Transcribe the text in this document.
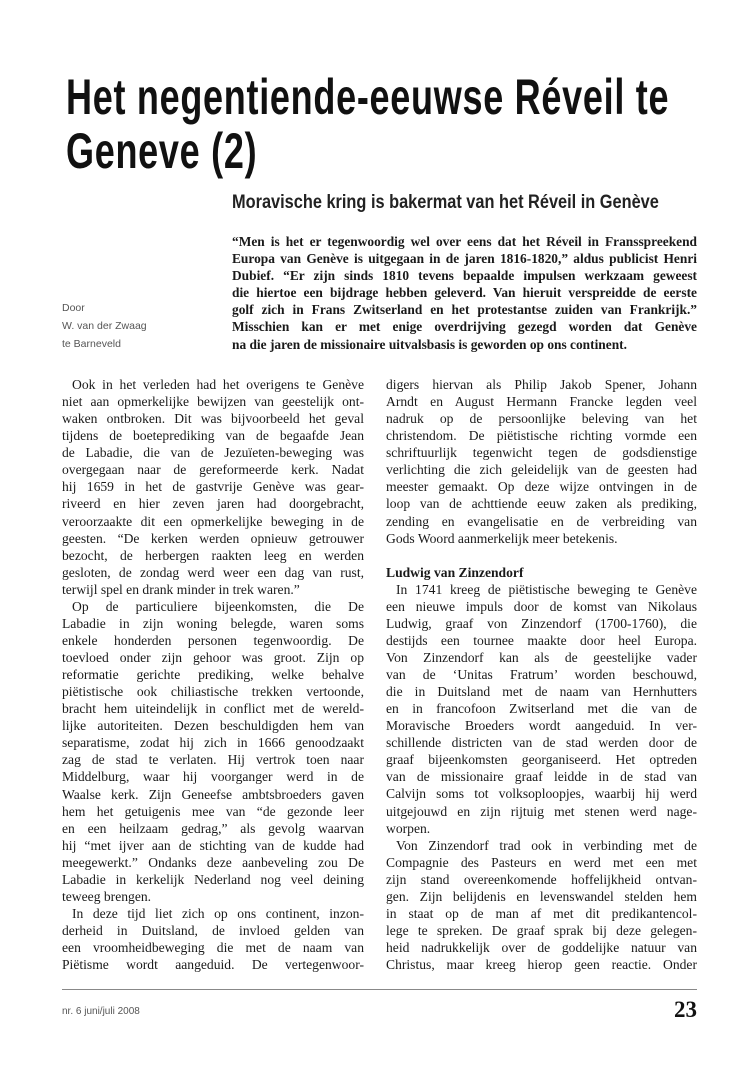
Het negentiende-eeuwse Réveil te
Geneve (2)
Moravische kring is bakermat van het Réveil in Genève
“Men is het er tegenwoordig wel over eens dat het Réveil in Fransspreekend
Europa van Genève is uitgegaan in de jaren 1816-1820,” aldus publicist Henri
Dubief. “Er zijn sinds 1810 tevens bepaalde impulsen werkzaam geweest
die hiertoe een bijdrage hebben geleverd. Van hieruit verspreidde de eerste
golf zich in Frans Zwitserland en het protestantse zuiden van Frankrijk.”
Misschien kan er met enige overdrijving gezegd worden dat Genève
na die jaren de missionaire uitvalsbasis is geworden op ons continent.
Door
W. van der Zwaag
te Barneveld
Ook in het verleden had het overigens te Genève
niet aan opmerkelijke bewijzen van geestelijk ont-
waken ontbroken. Dit was bijvoorbeeld het geval
tijdens de boeteprediking van de begaafde Jean
de Labadie, die van de Jezuïeten-beweging was
overgegaan naar de gereformeerde kerk. Nadat
hij 1659 in het de gastvrije Genève was gear-
riveerd en hier zeven jaren had doorgebracht,
veroorzaakte dit een opmerkelijke beweging in de
geesten. “De kerken werden opnieuw getrouwer
bezocht, de herbergen raakten leeg en werden
gesloten, de zondag werd weer een dag van rust,
terwijl spel en drank minder in trek waren.”
Op de particuliere bijeenkomsten, die De
Labadie in zijn woning belegde, waren soms
enkele honderden personen tegenwoordig. De
toevloed onder zijn gehoor was groot. Zijn op
reformatie gerichte prediking, welke behalve
piëtistische ook chiliastische trekken vertoonde,
bracht hem uiteindelijk in conflict met de wereld-
lijke autoriteiten. Dezen beschuldigden hem van
separatisme, zodat hij zich in 1666 genoodzaakt
zag de stad te verlaten. Hij vertrok toen naar
Middelburg, waar hij voorganger werd in de
Waalse kerk. Zijn Geneefse ambtsbroeders gaven
hem het getuigenis mee van “de gezonde leer
en een heilzaam gedrag,” als gevolg waarvan
hij “met ijver aan de stichting van de kudde had
meegewerkt.” Ondanks deze aanbeveling zou De
Labadie in kerkelijk Nederland nog veel deining
teweeg brengen.
In deze tijd liet zich op ons continent, inzon-
derheid in Duitsland, de invloed gelden van
een vroomheidbeweging die met de naam van
Piëtisme wordt aangeduid. De vertegenwoor-
digers hiervan als Philip Jakob Spener, Johann
Arndt en August Hermann Francke legden veel
nadruk op de persoonlijke beleving van het
christendom. De piëtistische richting vormde een
schriftuurlijk tegenwicht tegen de godsdienstige
verlichting die zich geleidelijk van de geesten had
meester gemaakt. Op deze wijze ontvingen in de
loop van de achttiende eeuw zaken als prediking,
zending en evangelisatie en de verbreiding van
Gods Woord aanmerkelijk meer betekenis.
Ludwig van Zinzendorf
In 1741 kreeg de piëtistische beweging te Genève
een nieuwe impuls door de komst van Nikolaus
Ludwig, graaf von Zinzendorf (1700-1760), die
destijds een tournee maakte door heel Europa.
Von Zinzendorf kan als de geestelijke vader
van de ‘Unitas Fratrum’ worden beschouwd,
die in Duitsland met de naam van Hernhutters
en in francofoon Zwitserland met die van de
Moravische Broeders wordt aangeduid. In ver-
schillende districten van de stad werden door de
graaf bijeenkomsten georganiseerd. Het optreden
van de missionaire graaf leidde in de stad van
Calvijn soms tot volksoploopjes, waarbij hij werd
uitgejouwd en zijn rijtuig met stenen werd nage-
worpen.
Von Zinzendorf trad ook in verbinding met de
Compagnie des Pasteurs en werd met een met
zijn stand overeenkomende hoffelijkheid ontvan-
gen. Zijn belijdenis en levenswandel stelden hem
in staat op de man af met dit predikantencol-
lege te spreken. De graaf sprak bij deze gelegen-
heid nadrukkelijk over de goddelijke natuur van
Christus, maar kreeg hierop geen reactie. Onder
nr. 6 juni/juli 2008	23
